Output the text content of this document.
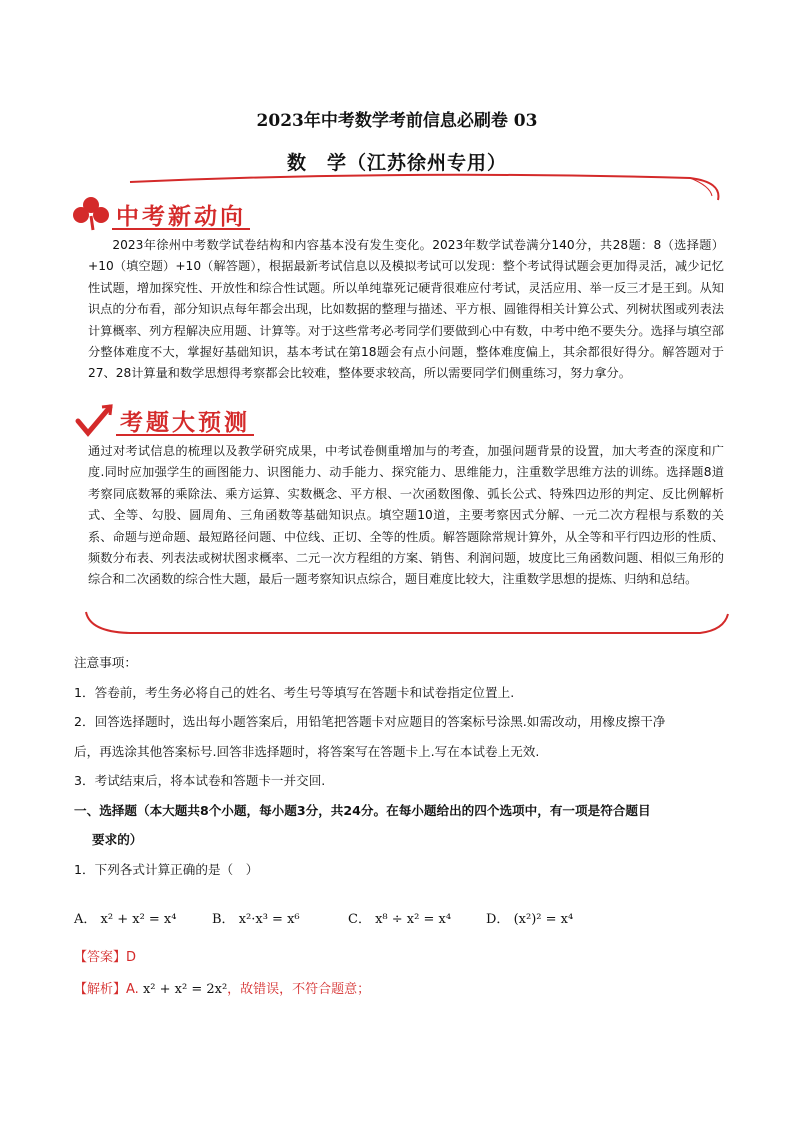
2023年中考数学考前信息必刷卷 03
数　学（江苏徐州专用）
中考新动向
2023年徐州中考数学试卷结构和内容基本没有发生变化。2023年数学试卷满分140分，共28题：8（选择题）+10（填空题）+10（解答题），根据最新考试信息以及模拟考试可以发现：整个考试得试题会更加得灵活，减少记忆性试题，增加探究性、开放性和综合性试题。所以单纯靠死记硬背很难应付考试，灵活应用、举一反三才是王到。从知识点的分布看，部分知识点每年都会出现，比如数据的整理与描述、平方根、圆锥得相关计算公式、列树状图或列表法计算概率、列方程解决应用题、计算等。对于这些常考必考同学们要做到心中有数，中考中绝不要失分。选择与填空部分整体难度不大，掌握好基础知识，基本考试在第18题会有点小问题，整体难度偏上，其余都很好得分。解答题对于27、28计算量和数学思想得考察都会比较难，整体要求较高，所以需要同学们侧重练习，努力拿分。
考题大预测
通过对考试信息的梳理以及教学研究成果，中考试卷侧重增加与的考查，加强问题背景的设置，加大考查的深度和广度.同时应加强学生的画图能力、识图能力、动手能力、探究能力、思维能力，注重数学思维方法的训练。选择题8道 考察同底数幂的乘除法、乘方运算、实数概念、平方根、一次函数图像、弧长公式、特殊四边形的判定、反比例解析式、全等、勾股、圆周角、三角函数等基础知识点。填空题10道，主要考察因式分解、一元二次方程根与系数的关系、命题与逆命题、最短路径问题、中位线、正切、全等的性质。解答题除常规计算外，从全等和平行四边形的性质、频数分布表、列表法或树状图求概率、二元一次方程组的方案、销售、利润问题，坡度比三角函数问题、相似三角形的综合和二次函数的综合性大题，最后一题考察知识点综合，题目难度比较大，注重数学思想的提炼、归纳和总结。

注意事项：

1．答卷前，考生务必将自己的姓名、考生号等填写在答题卡和试卷指定位置上.

2．回答选择题时，选出每小题答案后，用铅笔把答题卡对应题目的答案标号涂黑.如需改动，用橡皮擦干净

后，再选涂其他答案标号.回答非选择题时，将答案写在答题卡上.写在本试卷上无效.

3．考试结束后，将本试卷和答题卡一并交回.

一、选择题（本大题共8个小题，每小题3分，共24分。在每小题给出的四个选项中，有一项是符合题目

要求的）

1．下列各式计算正确的是（　）

A． x² + x² = x⁴	B． x²·x³ = x⁶	C． x⁸ ÷ x² = x⁴	D． (x²)² = x⁴
【答案】D
【解析】A. x² + x² = 2x²，故错误，不符合题意；
